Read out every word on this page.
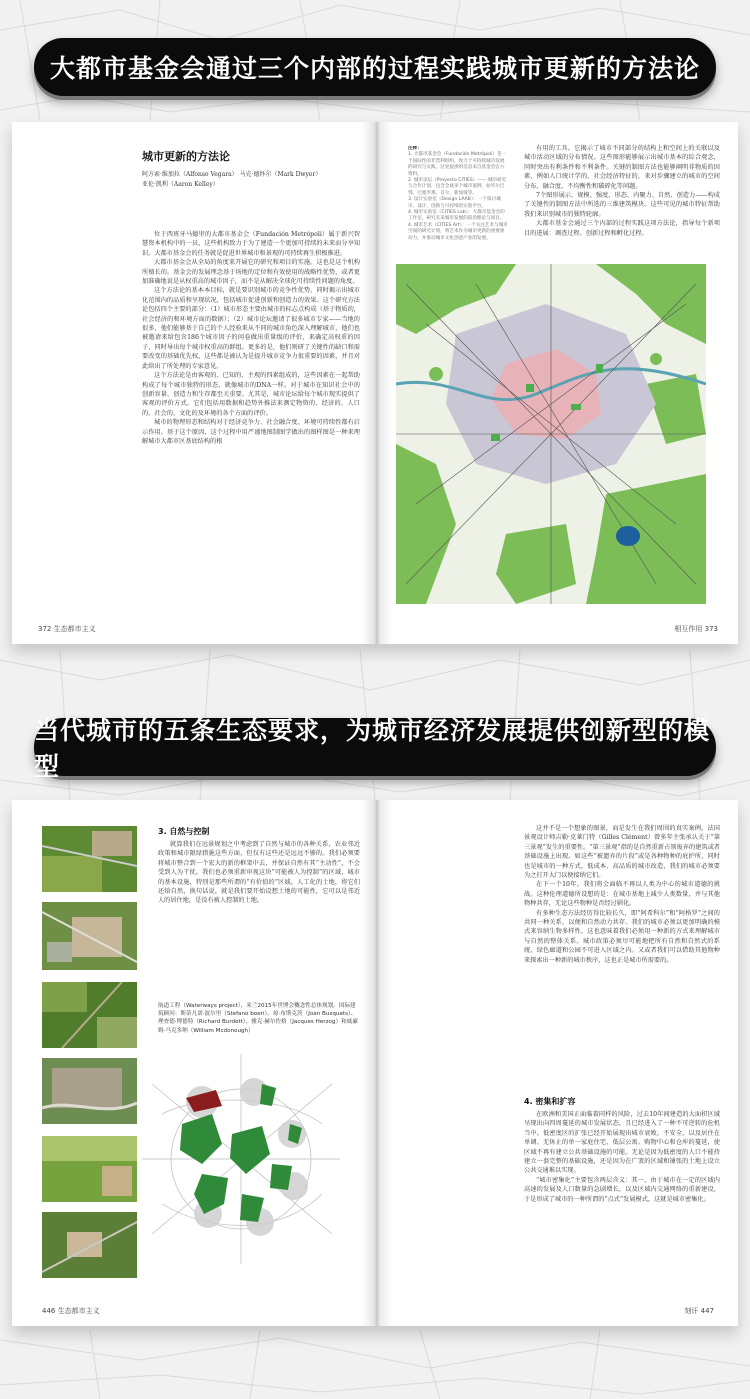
大都市基金会通过三个内部的过程实践城市更新的方法论
城市更新的方法论
阿方索·维加拉（Alfonso Vegara） 马克·德怀尔（Mark Dwyer）
亚伦·凯利（Aaron Kelley）

位于西班牙马德里的大都市基金会（Fundación Metrópoli）属于新兴智慧资本机构中的一员，这些机构致力于为了建造一个更加可持续的未来而分享知识。大都市基金会的任务就是促进世界城市和景观的可持续再生积极推进。

大都市基金会从全局的角度来开展它的研究和项目的实施。这也是这个机构所擅长的。基金会的发展理念基于场地的定位和有效使用的战略性优势，或者更加准确地说是从权重高的城市因子，而不是从解决全球化可持续性问题的角度。

这个方法论的基本本目标，就是要识别城市的竞争性优势，同时揭示出城市化范围内的品质和呈现状况，包括城市促进创新和创造力的效果。这个研究方法论包括四个主要的部分：（1）城市形态主要由城市的标志点构成（基于物质的，社会经济的和环境方面的数据）；（2）城市论坛邀请了很多城市专家——当地的很多，他们能够基于自己的个人经验来从不同的城市角色深入理解城市，他们也被邀请来给包含186个城市因子的问卷做出重量级的评价，来确定高权重的因子，同时导出每个城市权重高的群组。更多的是，他们则研了关键性的缺口和需要改变的基础优先权，这些都是被认为是提升城市竞争力很重要的因素，并且对此给出了所处理的专家意见。

这个方法论是由客观的、已知的、主观的四素组成的，这些因素在一起帮助构成了每个城市独特的形态，就像城市的DNA一样。对于城市在知识社会中的创新容量、创造力和生存都至关重要。尤其是，城市论坛给每个城市现实提供了客观的评价方式，它们包括用数据和趋势外推法来测定物资的、经济的、人口的、社会的、文化的及环境的各个方面的评价。

城市的物理形态和结构对于经济竞争力、社会融合度、环境可持续性都有启示作用。基于这个原因，这个过程中用严谨地图制图学做出的图样图是一种来理解城市大都市区基底结构的根

372 生态都市主义
注释：
1. 大都市基金会（Fundación Metrópoli）是一个国际性的非营利组织，致力于可持续城市发展的研究与实践，这里提供的信息来自基金会官方资料。
2. 城市论坛（Proyecto CITIES）—— 城市研究与合作计划，包含全球多个城市案例，如毕尔巴鄂、巴塞罗那、首尔、新加坡等。
3. 设计实验室（Design LAAB）：一个探讨城市、设计、创新与可持续的实验平台。
4. 城市实验室（CITIES Lab）：大都市基金会的工作室，研究未来城市发展的前沿理论与项目。
4. 城市艺术（CITIES Art）：一个关注艺术与城市空间的研究计划，将艺术作为城市更新的重要驱动力，并推动城市文化创意产业的发展。

有用的工具。它揭示了城市不同部分的结构上和空间上的关联以及城市活动区域的分布情况。这些图形能够展示出城市基本的综合观念，同时突出有利条件和不利条件。关键的制图方法也能够阐明非物质的因素，例如人口统计学的、社会经济特征的，来对步骤建立的城市的空间分布、融合度、不均衡性和破碎化等问题。

7个图形展示、规模、强度、形态、内聚力、自然、创造力——构成了关键性的制图方法中所选的三维建筑模块。这些可见的城市特征帮助我们来识别城市的独特轮廓。

大都市基金会通过三个内部的过程实践这项方法论，指导每个新项目的进展：调查过程、创新过程和孵化过程。

相互作用 373
当代城市的五条生态要求，为城市经济发展提供创新型的模型
3. 自然与控制

就算我们在远景规划之中考虑到了自然与城市的各种关系，农业邻近政策和城市限绿措施这些方面，但仅有这些还是远远不够的。我们必须要将城市整合到一个宏大的新的框架中去，并保证自然有其“主动性”，不会受到人为干扰。我们也必须重新审视这块“可能被人为控制”的区域，城市的基本设施，特别是那些所谓的“有价值的”区域。人工化的土地，将它们还给自然，换句话说，就是我们要开始设想土地的可能性，它可以是邻近人的居住地，是没有被人控制的土地。

航道工程（Waterways project），米兰2015年世博会概念性总体规划。国际建筑顾问：斯蒂凡诺·波尔里（Stefano boeri）、琼·布斯克茨（Joan Busquets）、理查德·博德特（Richard Burdett）、雅克·赫尔佐格（Jacques Herzog）和威廉姆·马克多纳（William Mcdonough）
446 生态都市主义

这并不是一个想象的图景，而是发生在我们周围的真实案例。法国景观设计师吉勒·克莱门特（Gilles Clément）曾多年主张承认关于“第三景观”发生的重要性。“第三景观”指的是自然重新占领废弃的建筑或者基础设施上出现。如这些“被遗弃的片段”或是各种物种的庇护所，同时也是城市的一种方式，低成本、高品质的城市改造，我们的城市必须要为之打开大门以便接纳它们。

在下一个10年，我们将会面临不再以人类为中心的城市道德的挑战。这种伦理道德所设想的是：在城市基地上减少人类数量，并与其他物种共存，无论这些物种是否经过驯化。

有多种生态方法经历得比较长久，即“阿希科尔”和“阿格罗”之间的共同一种关系，以便和自然动力共存。我们的城市必须以更加明确的模式来容纳生物多样性，这也意味着我们必须用一种新的方式来理解城市与自然的整体关系。城市政策必须尽可能地把所有自然和自然式的系统、绿色廊道和公园不可进入区域之内。又或者我们可以借助其他物种来探索出一种新的城市秩序，这也正是城市所需要的。

4. 密集和扩容

在欧洲和美国正面临着同样的风险，过去10年间建造的大面积区域呈现出向四周蔓延的城市发展状态，且已经进入了一种不可逆转的危机当中。低密度区的扩张已经开始展现出城市衰败，不安全，以及居住在单调、无休止的单一家庭住宅、低层公寓。购物中心和仓库的蔓延，使区域不再有建立公共基础设施的可能。无论是因为低密度的人口不能持建立一套完整的基础设施，还是因为在广袤的区域和铺张的土地上设立公共交通难以实现。

“城市密集化”主要包含两层含义：其一，由于城市在一定的区域内高速的发展及人口数量的急剧增长，以及区域内交通网络的重新建设，于是形成了城市的一种所谓的“点式”发展模式，这就是城市密集化。

刻讦 447
